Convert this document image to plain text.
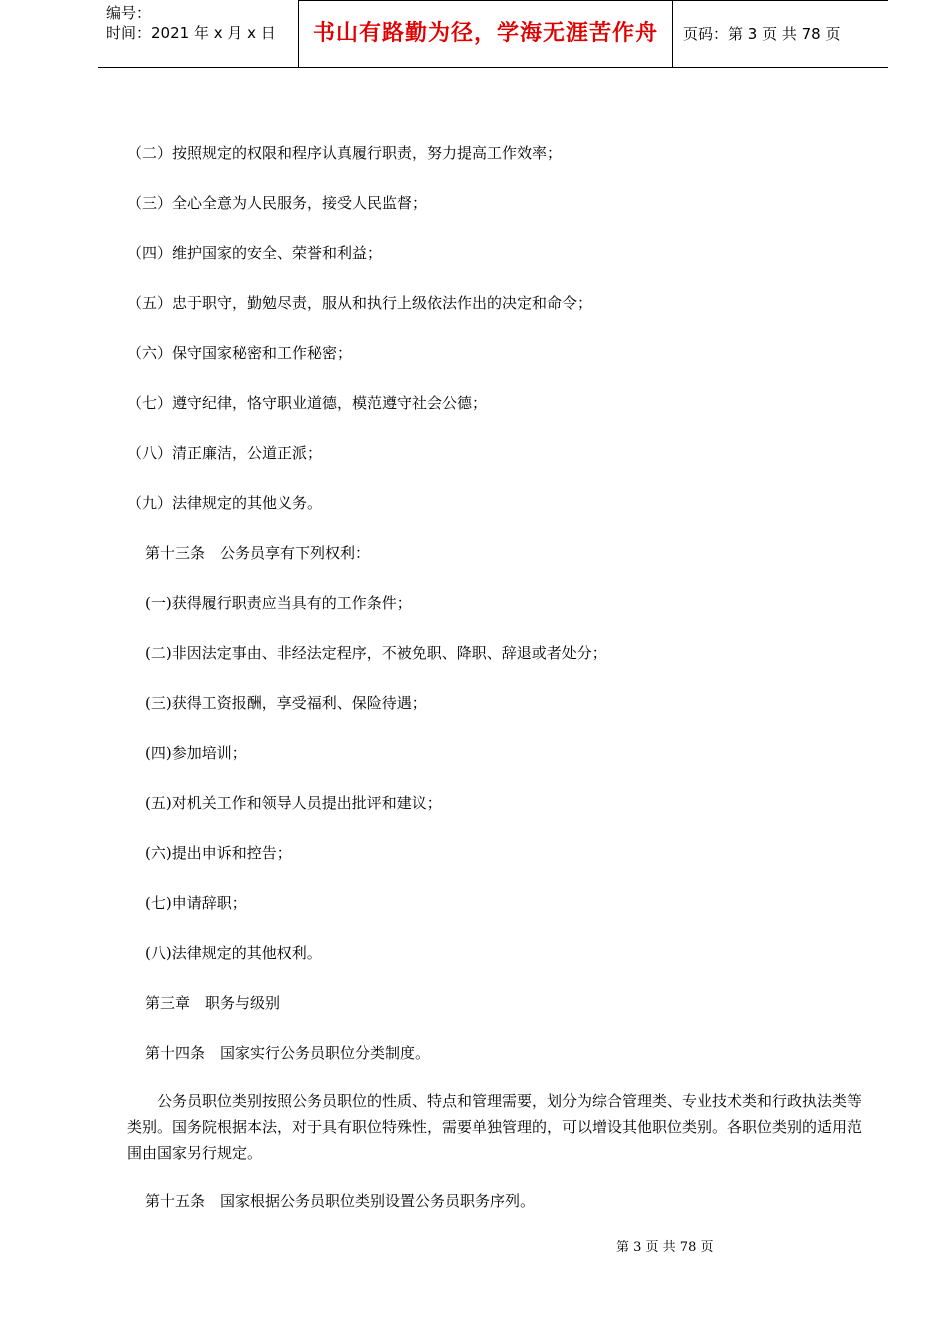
编号：
时间：2021 年 x 月 x 日	书山有路勤为径，学海无涯苦作舟	页码：第 3 页 共 78 页
（二）按照规定的权限和程序认真履行职责，努力提高工作效率；
（三）全心全意为人民服务，接受人民监督；
（四）维护国家的安全、荣誉和利益；
（五）忠于职守，勤勉尽责，服从和执行上级依法作出的决定和命令；
（六）保守国家秘密和工作秘密；
（七）遵守纪律，恪守职业道德，模范遵守社会公德；
（八）清正廉洁，公道正派；
（九）法律规定的其他义务。
第十三条　公务员享有下列权利：
(一)获得履行职责应当具有的工作条件；
(二)非因法定事由、非经法定程序，不被免职、降职、辞退或者处分；
(三)获得工资报酬，享受福利、保险待遇；
(四)参加培训；
(五)对机关工作和领导人员提出批评和建议；
(六)提出申诉和控告；
(七)申请辞职；
(八)法律规定的其他权利。
第三章　职务与级别
第十四条　国家实行公务员职位分类制度。
公务员职位类别按照公务员职位的性质、特点和管理需要，划分为综合管理类、专业技术类和行政执法类等类别。国务院根据本法，对于具有职位特殊性，需要单独管理的，可以增设其他职位类别。各职位类别的适用范围由国家另行规定。
第十五条　国家根据公务员职位类别设置公务员职务序列。
第 3 页 共 78 页
